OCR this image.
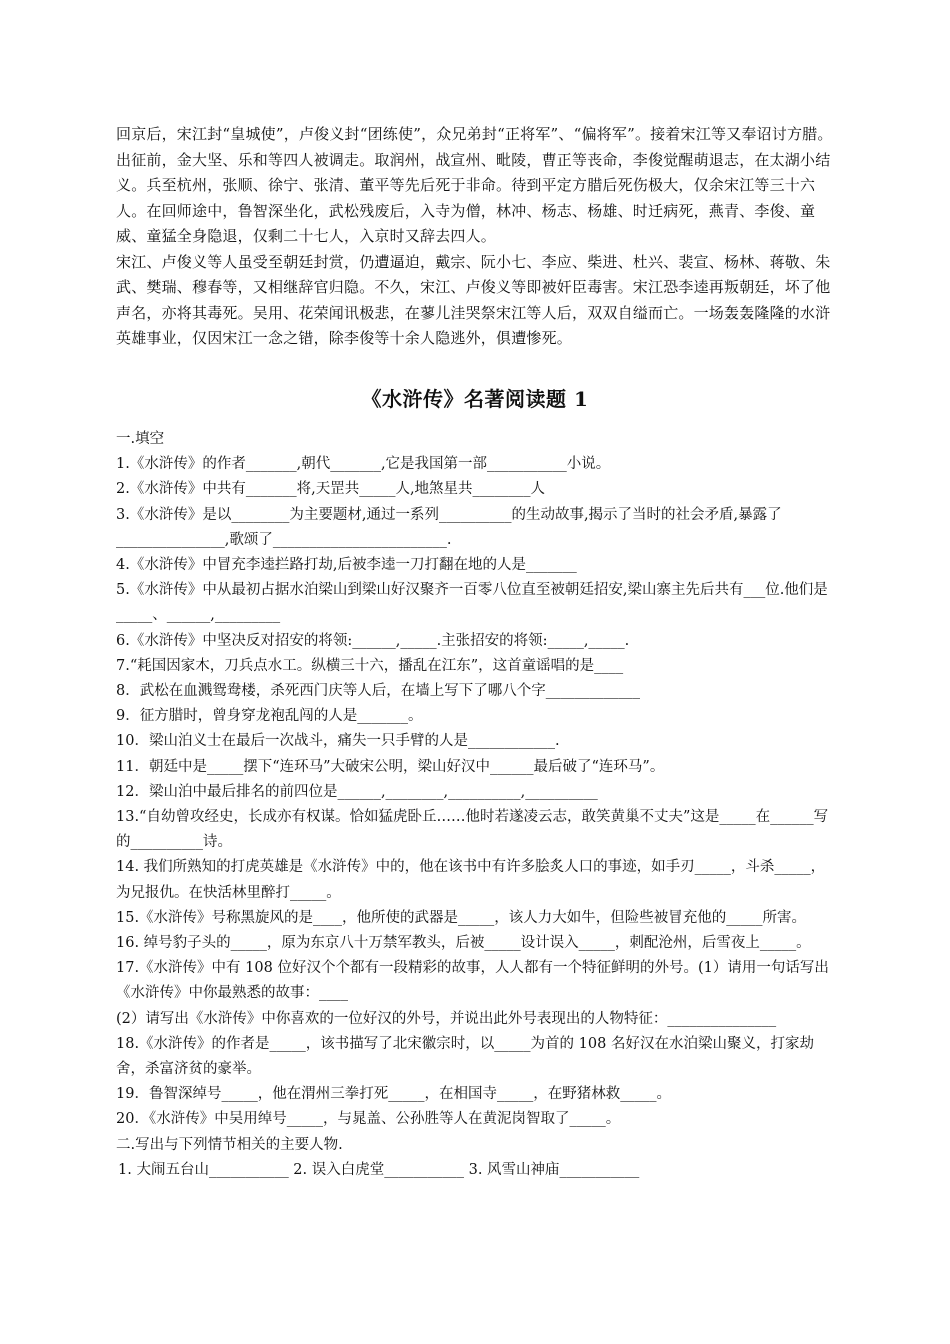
回京后，宋江封“皇城使”，卢俊义封“团练使”，众兄弟封“正将军”、“偏将军”。接着宋江等又奉诏讨方腊。出征前，金大坚、乐和等四人被调走。取润州，战宣州、毗陵，曹正等丧命，李俊觉醒萌退志，在太湖小结义。兵至杭州，张顺、徐宁、张清、董平等先后死于非命。待到平定方腊后死伤极大，仅余宋江等三十六人。在回师途中，鲁智深坐化，武松残废后，入寺为僧，林冲、杨志、杨雄、时迁病死，燕青、李俊、童威、童猛全身隐退，仅剩二十七人，入京时又辞去四人。

宋江、卢俊义等人虽受至朝廷封赏，仍遭逼迫，戴宗、阮小七、李应、柴进、杜兴、裴宣、杨林、蒋敬、朱武、樊瑞、穆春等，又相继辞官归隐。不久，宋江、卢俊义等即被奸臣毒害。宋江恐李逵再叛朝廷，坏了他声名，亦将其毒死。吴用、花荣闻讯极悲，在蓼儿洼哭祭宋江等人后，双双自缢而亡。一场轰轰隆隆的水浒英雄事业，仅因宋江一念之错，除李俊等十余人隐逃外，俱遭惨死。

《水浒传》名著阅读题 1

一.填空

1.《水浒传》的作者_______,朝代_______,它是我国第一部___________小说。

2.《水浒传》中共有_______将,天罡共_____人,地煞星共________人

3.《水浒传》是以________为主要题材,通过一系列__________的生动故事,揭示了当时的社会矛盾,暴露了_______________,歌颂了________________________.

4.《水浒传》中冒充李逵拦路打劫,后被李逵一刀打翻在地的人是_______

5.《水浒传》中从最初占据水泊梁山到梁山好汉聚齐一百零八位直至被朝廷招安,梁山寨主先后共有___位.他们是_____、______,_________

6.《水浒传》中坚决反对招安的将领:______,_____.主张招安的将领:_____,_____.

7.“耗国因家木，刀兵点水工。纵横三十六，播乱在江东”，这首童谣唱的是____

8．武松在血溅鸳鸯楼，杀死西门庆等人后，在墙上写下了哪八个字_____________

9．征方腊时，曾身穿龙袍乱闯的人是_______。

10．梁山泊义士在最后一次战斗，痛失一只手臂的人是____________.

11．朝廷中是_____摆下“连环马”大破宋公明，梁山好汉中______最后破了“连环马”。

12．梁山泊中最后排名的前四位是______,________,__________,__________

13.“自幼曾攻经史，长成亦有权谋。恰如猛虎卧丘……他时若遂凌云志，敢笑黄巢不丈夫”这是_____在______写的__________诗。

14. 我们所熟知的打虎英雄是《水浒传》中的，他在该书中有许多脍炙人口的事迹，如手刃_____，斗杀_____，为兄报仇。在快活林里醉打_____。

15.《水浒传》号称黑旋风的是____，他所使的武器是_____，该人力大如牛，但险些被冒充他的_____所害。

16. 绰号豹子头的_____，原为东京八十万禁军教头，后被_____设计误入_____，刺配沧州，后雪夜上_____。

17.《水浒传》中有 108 位好汉个个都有一段精彩的故事，人人都有一个特征鲜明的外号。(1）请用一句话写出《水浒传》中你最熟悉的故事：____

(2）请写出《水浒传》中你喜欢的一位好汉的外号，并说出此外号表现出的人物特征：_______________

18.《水浒传》的作者是_____，该书描写了北宋徽宗时，以_____为首的 108 名好汉在水泊梁山聚义，打家劫舍，杀富济贫的豪举。

19．鲁智深绰号_____，他在渭州三拳打死_____，在相国寺_____，在野猪林救_____。

20．《水浒传》中吴用绰号_____，与晁盖、公孙胜等人在黄泥岗智取了_____。

二.写出与下列情节相关的主要人物.

1. 大闹五台山___________ 2. 误入白虎堂___________ 3. 风雪山神庙___________
